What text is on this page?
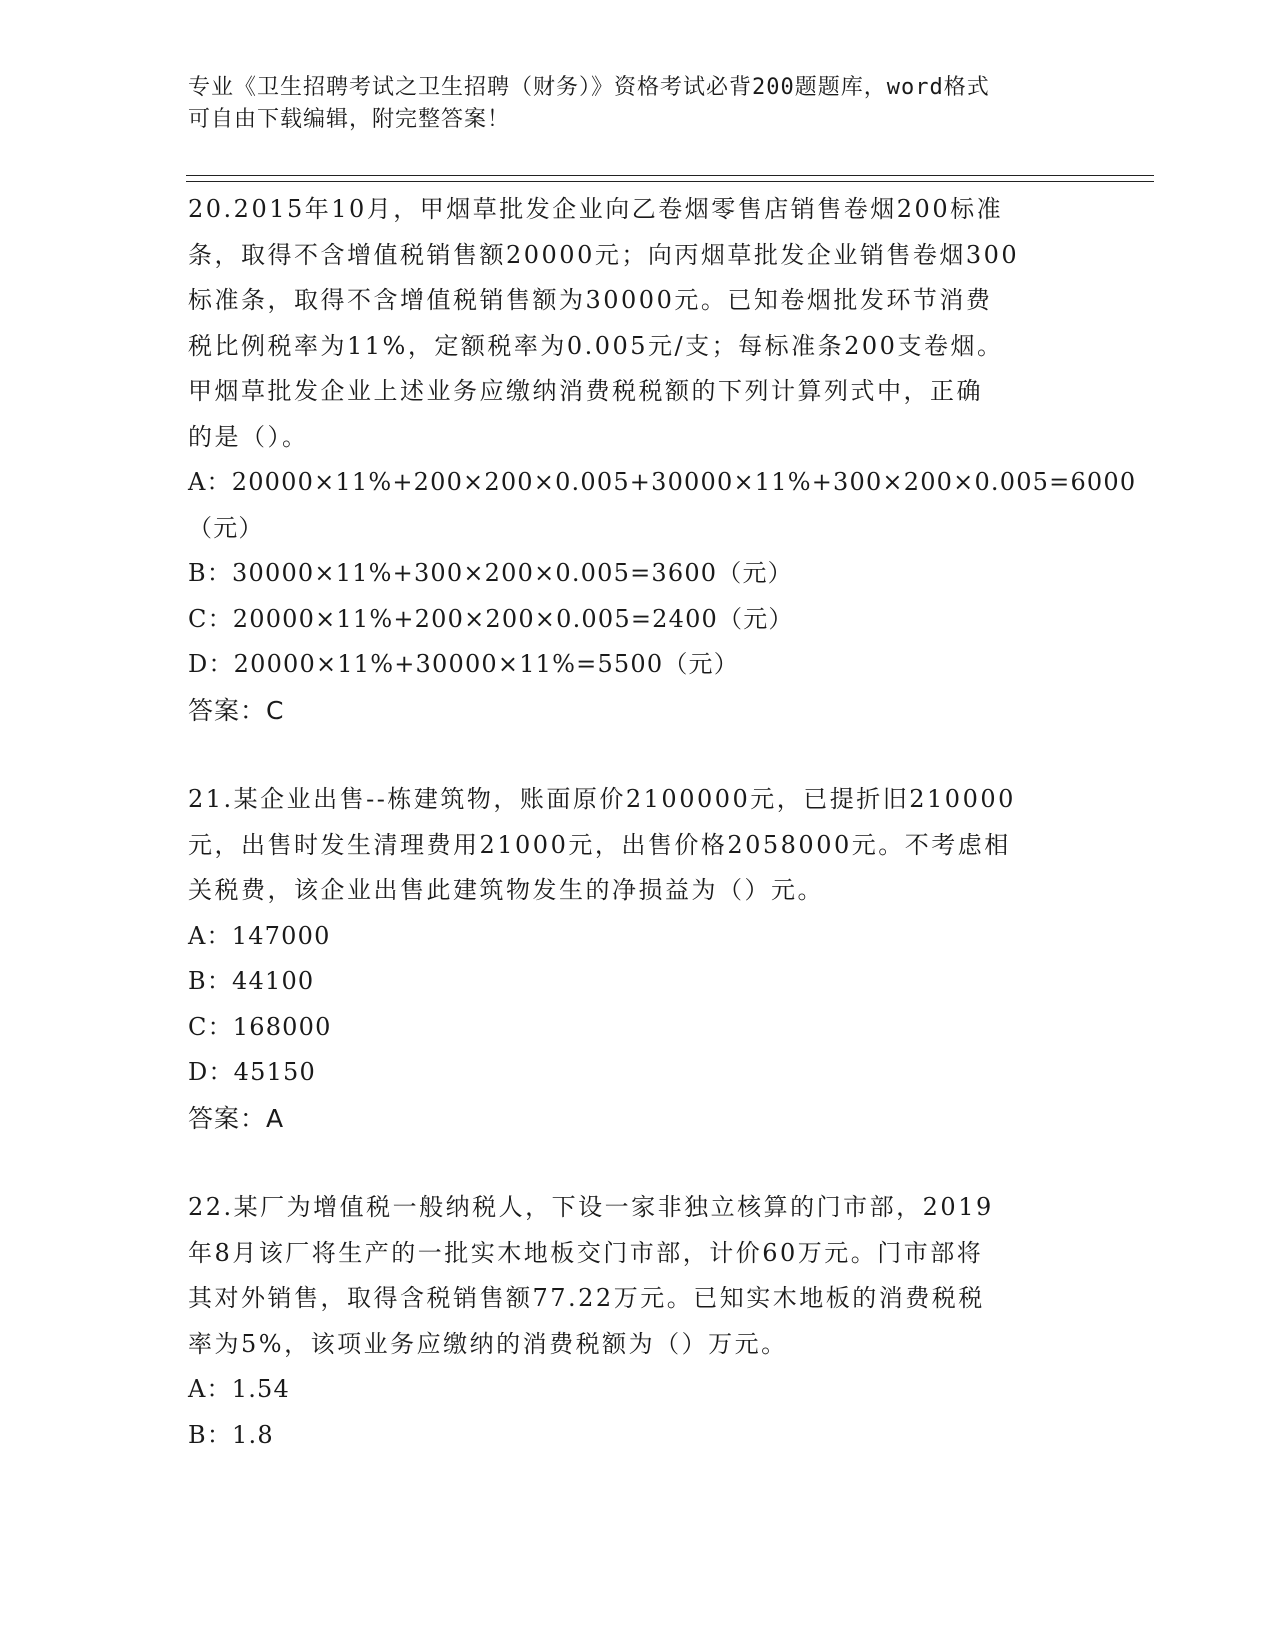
专业《卫生招聘考试之卫生招聘（财务）》资格考试必背200题题库，word格式
可自由下载编辑，附完整答案！
20.2015年10月，甲烟草批发企业向乙卷烟零售店销售卷烟200标准
条，取得不含增值税销售额20000元；向丙烟草批发企业销售卷烟300
标准条，取得不含增值税销售额为30000元。已知卷烟批发环节消费
税比例税率为11%，定额税率为0.005元/支；每标准条200支卷烟。
甲烟草批发企业上述业务应缴纳消费税税额的下列计算列式中，正确
的是（）。
A：20000×11%+200×200×0.005+30000×11%+300×200×0.005=6000
（元）
B：30000×11%+300×200×0.005=3600（元）
C：20000×11%+200×200×0.005=2400（元）
D：20000×11%+30000×11%=5500（元）
答案：C
21.某企业出售--栋建筑物，账面原价2100000元，已提折旧210000
元，出售时发生清理费用21000元，出售价格2058000元。不考虑相
关税费，该企业出售此建筑物发生的净损益为（）元。
A：147000
B：44100
C：168000
D：45150
答案：A
22.某厂为增值税一般纳税人，下设一家非独立核算的门市部，2019
年8月该厂将生产的一批实木地板交门市部，计价60万元。门市部将
其对外销售，取得含税销售额77.22万元。已知实木地板的消费税税
率为5%，该项业务应缴纳的消费税额为（）万元。
A：1.54
B：1.8
